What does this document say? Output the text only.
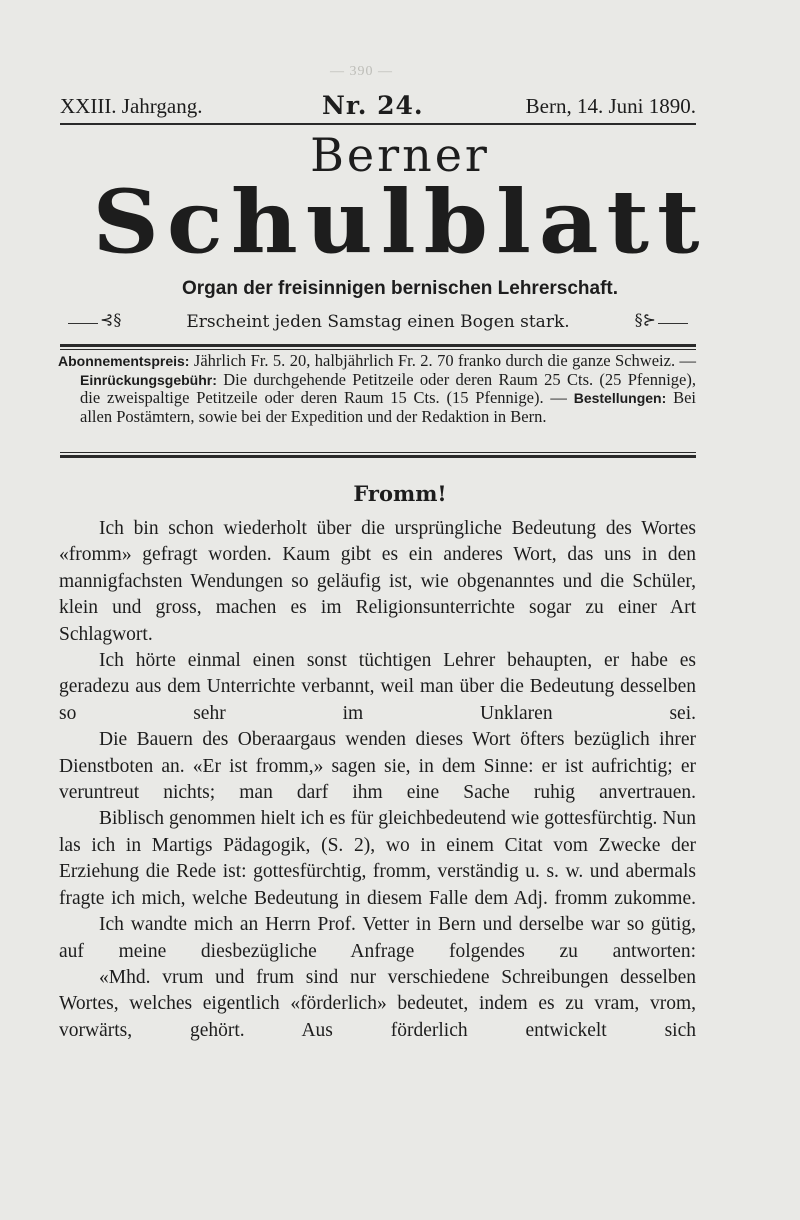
— 390 —
XXIII. Jahrgang.	Nr. 24.	Bern, 14. Juni 1890.
Berner
Schulblatt
Organ der freisinnigen bernischen Lehrerschaft.
⊰§	Erscheint jeden Samstag einen Bogen stark.	§⊱
Abonnementspreis: Jährlich Fr. 5. 20, halbjährlich Fr. 2. 70 franko durch die ganze Schweiz. — Einrückungsgebühr: Die durchgehende Petitzeile oder deren Raum 25 Cts. (25 Pfennige), die zweispaltige Petitzeile oder deren Raum 15 Cts. (15 Pfennige). — Bestellungen: Bei allen Postämtern, sowie bei der Expedition und der Redaktion in Bern.
Fromm!

Ich bin schon wiederholt über die ursprüngliche Bedeutung des Wortes «fromm» gefragt worden. Kaum gibt es ein anderes Wort, das uns in den mannigfachsten Wendungen so geläufig ist, wie obgenanntes und die Schüler, klein und gross, machen es im Religionsunterrichte sogar zu einer Art Schlagwort.

Ich hörte einmal einen sonst tüchtigen Lehrer behaupten, er habe es geradezu aus dem Unterrichte verbannt, weil man über die Bedeutung desselben so sehr im Unklaren sei.

Die Bauern des Oberaargaus wenden dieses Wort öfters bezüglich ihrer Dienstboten an. «Er ist fromm,» sagen sie, in dem Sinne: er ist aufrichtig; er veruntreut nichts; man darf ihm eine Sache ruhig anvertrauen.

Biblisch genommen hielt ich es für gleichbedeutend wie gottesfürchtig. Nun las ich in Martigs Pädagogik, (S. 2), wo in einem Citat vom Zwecke der Erziehung die Rede ist: gottesfürchtig, fromm, verständig u. s. w. und abermals fragte ich mich, welche Bedeutung in diesem Falle dem Adj. fromm zukomme.

Ich wandte mich an Herrn Prof. Vetter in Bern und derselbe war so gütig, auf meine diesbezügliche Anfrage folgendes zu antworten:

«Mhd. vrum und frum sind nur verschiedene Schreibungen desselben Wortes, welches eigentlich «förderlich» bedeutet, indem es zu vram, vrom, vorwärts, gehört. Aus förderlich entwickelt sich
